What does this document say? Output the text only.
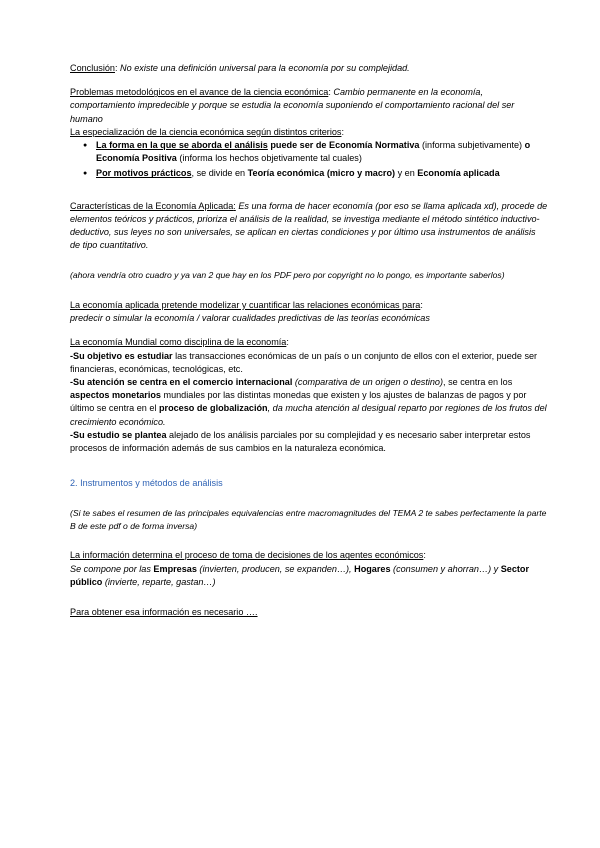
Conclusión: No existe una definición universal para la economía por su complejidad.
Problemas metodológicos en el avance de la ciencia económica: Cambio permanente en la economía, comportamiento impredecible y porque se estudia la economía suponiendo el comportamiento racional del ser humano
La especialización de la ciencia económica según distintos criterios:
● La forma en la que se aborda el análisis puede ser de Economía Normativa (informa subjetivamente) o Economía Positiva (informa los hechos objetivamente tal cuales)
● Por motivos prácticos, se divide en Teoría económica (micro y macro) y en Economía aplicada
Características de la Economía Aplicada: Es una forma de hacer economía (por eso se llama aplicada xd), procede de elementos teóricos y prácticos, prioriza el análisis de la realidad, se investiga mediante el método sintético inductivo-deductivo, sus leyes no son universales, se aplican en ciertas condiciones y por último usa instrumentos de análisis de tipo cuantitativo.
(ahora vendría otro cuadro y ya van 2 que hay en los PDF pero por copyright no lo pongo, es importante saberlos)
La economía aplicada pretende modelizar y cuantificar las relaciones económicas para:
predecir o simular la economía / valorar cualidades predictivas de las teorías económicas
La economía Mundial como disciplina de la economía:
-Su objetivo es estudiar las transacciones económicas de un país o un conjunto de ellos con el exterior, puede ser financieras, económicas, tecnológicas, etc.
-Su atención se centra en el comercio internacional (comparativa de un origen o destino), se centra en los aspectos monetarios mundiales por las distintas monedas que existen y los ajustes de balanzas de pagos y por último se centra en el proceso de globalización, da mucha atención al desigual reparto por regiones de los frutos del crecimiento económico.
-Su estudio se plantea alejado de los análisis parciales por su complejidad y es necesario saber interpretar estos procesos de información además de sus cambios en la naturaleza económica.
2. Instrumentos y métodos de análisis
(Si te sabes el resumen de las principales equivalencias entre macromagnitudes del TEMA 2 te sabes perfectamente la parte B de este pdf o de forma inversa)
La información determina el proceso de toma de decisiones de los agentes económicos:
Se compone por las Empresas (invierten, producen, se expanden…), Hogares (consumen y ahorran…) y Sector público (invierte, reparte, gastan…)
Para obtener esa información es necesario ….
